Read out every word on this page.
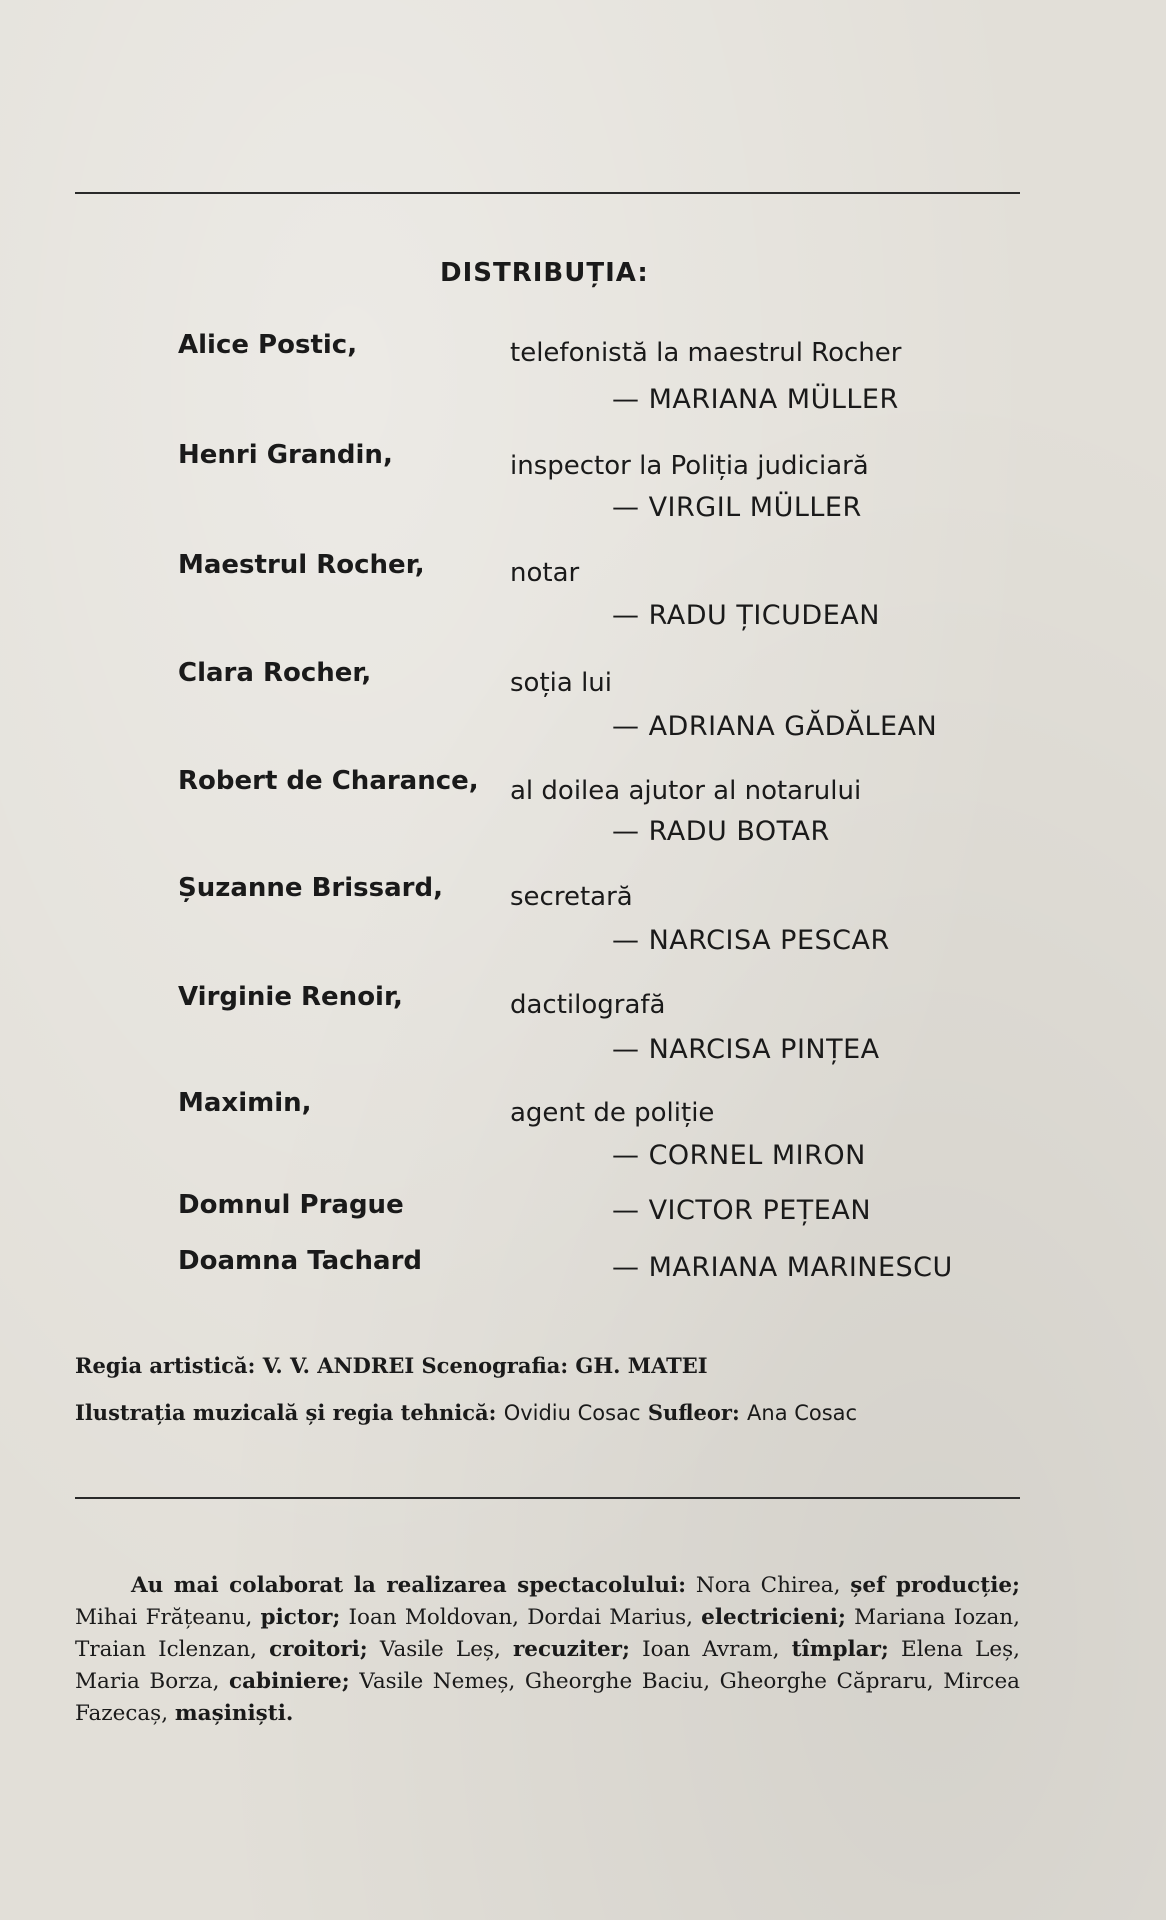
DISTRIBUȚIA:
Alice Postic,	telefonistă la maestrul Rocher
— MARIANA MÜLLER
Henri Grandin,	inspector la Poliția judiciară
— VIRGIL MÜLLER
Maestrul Rocher,	notar
— RADU ȚICUDEAN
Clara Rocher,	soția lui
— ADRIANA GĂDĂLEAN
Robert de Charance, al doilea ajutor al notarului
— RADU BOTAR
Șuzanne Brissard,	secretară
— NARCISA PESCAR
Virginie Renoir,	dactilografă
— NARCISA PINȚEA
Maximin,	agent de poliție
— CORNEL MIRON
Domnul Prague	— VICTOR PEȚEAN
Doamna Tachard	— MARIANA MARINESCU
Regia artistică: V. V. ANDREI Scenografia: GH. MATEI
Ilustrația muzicală și regia tehnică: Ovidiu Cosac Sufleor: Ana Cosac
Au mai colaborat la realizarea spectacolului: Nora Chirea, șef producție; Mihai Frățeanu, pictor; Ioan Moldovan, Dordai Marius, electricieni; Mariana Iozan, Traian Iclenzan, croitori; Vasile Leș, recuziter; Ioan Avram, tîmplar; Elena Leș, Maria Borza, cabiniere; Vasile Nemeș, Gheorghe Baciu, Gheorghe Căpraru, Mircea Fazecaș, mașiniști.
